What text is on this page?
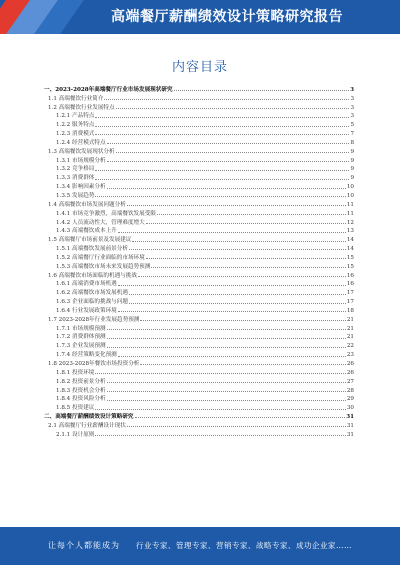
高端餐厅薪酬绩效设计策略研究报告
内容目录
一、2023-2028年高端餐厅行业市场发展现状研究	3
1.1 高端餐饮行业简介	3
1.2 高端餐饮行业发展特点	3
1.2.1 产品特点	3
1.2.2 服务特点	5
1.2.3 消费模式	7
1.2.4 经营模式特点	8
1.3 高端餐饮发展现状分析	9
1.3.1 市场规模分析	9
1.3.2 竞争格局	9
1.3.3 消费群体	9
1.3.4 影响因素分析	10
1.3.5 发展趋势	10
1.4 高端餐饮市场发展问题分析	11
1.4.1 市场竞争激烈，高端餐饮发展受限	11
1.4.2 人员流动性大，管理难度增大	12
1.4.3 高端餐饮成本上升	13
1.5 高端餐厅市场前景及发展建议	14
1.5.1 高端餐饮发展前景分析	14
1.5.2 高端餐厅行业面临的市场环境	15
1.5.3 高端餐饮市场未来发展趋势预测	15
1.6 高端餐饮市场面临的机遇与挑战	16
1.6.1 高端消费市场机遇	16
1.6.2 高端餐饮市场发展机遇	17
1.6.3 企业面临的挑战与问题	17
1.6.4 行业发展政策环境	18
1.7 2023-2028年行业发展趋势预测	21
1.7.1 市场规模预测	21
1.7.2 消费群体预测	21
1.7.3 企业发展预测	22
1.7.4 经营策略变化预测	23
1.8 2023-2028年餐饮市场投资分析	26
1.8.1 投资环境	26
1.8.2 投资前景分析	27
1.8.3 投资机会分析	28
1.8.4 投资风险分析	29
1.8.5 投资建议	30
二、高端餐厅薪酬绩效设计策略研究	31
2.1 高端餐厅行业薪酬设计现状	31
2.1.1 设计原则	31
让每个人都能成为 行业专家、管理专家、营销专家、战略专家、成功企业家……
